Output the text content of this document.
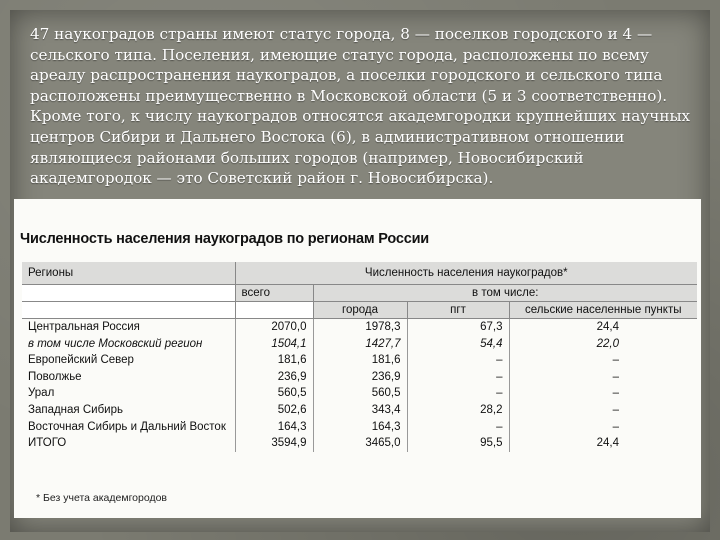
47 наукоградов страны имеют статус города, 8 — поселков городского и 4 — сельского типа. Поселения, имеющие статус города, расположены по всему ареалу распространения наукоградов, а поселки городского и сельского типа расположены преимущественно в Московской области (5 и 3 соответственно). Кроме того, к числу наукоградов относятся академгородки крупнейших научных центров Сибири и Дальнего Востока (6), в административном отношении являющиеся районами больших городов (например, Новосибирский академгородок — это Советский район г. Новосибирска).

Численность населения наукоградов по регионам России
Регионы	Численность населения наукоградов*			
	всего	в том числе:		
		города	пгт	сельские населенные пункты
Центральная Россия	2070,0	1978,3	67,3	24,4
в том числе Московский регион	1504,1	1427,7	54,4	22,0
Европейский Север	181,6	181,6	–	–
Поволжье	236,9	236,9	–	–
Урал	560,5	560,5	–	–
Западная Сибирь	502,6	343,4	28,2	–
Восточная Сибирь и Дальний Восток	164,3	164,3	–	–
ИТОГО	3594,9	3465,0	95,5	24,4
* Без учета академгородов
